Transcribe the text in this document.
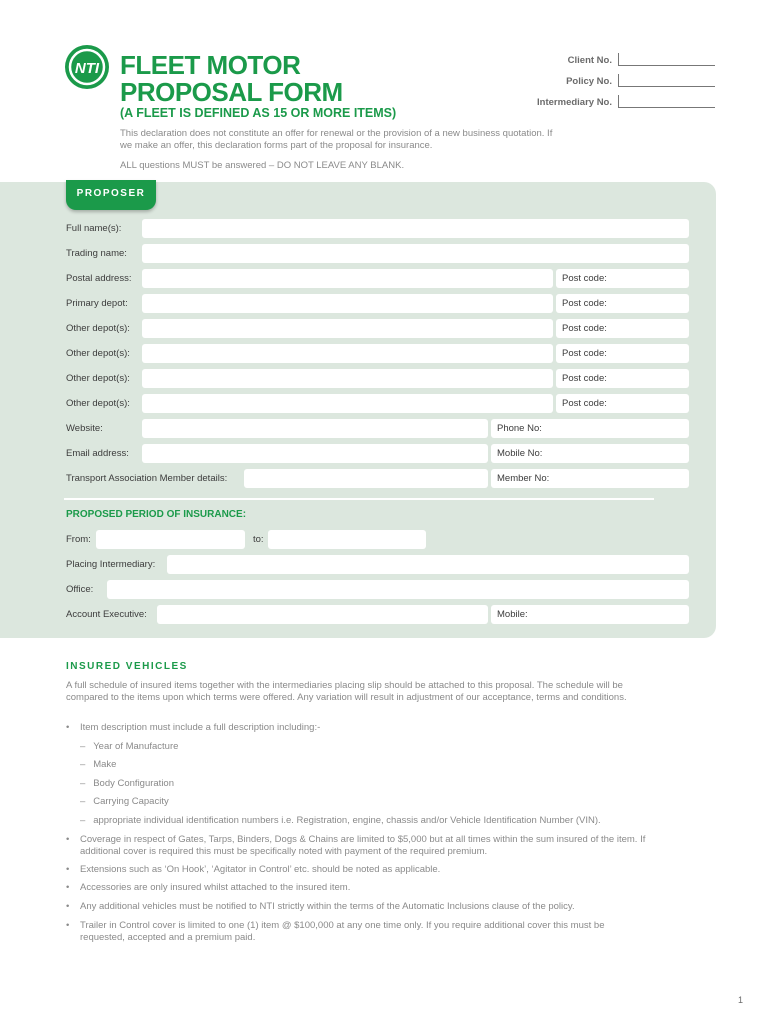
NTI FLEET MOTOR
PROPOSAL FORM
(A FLEET IS DEFINED AS 15 OR MORE ITEMS)
This declaration does not constitute an offer for renewal or the provision of a new business quotation. If we make an offer, this declaration forms part of the proposal for insurance.
ALL questions MUST be answered – DO NOT LEAVE ANY BLANK.
Client No.
Policy No.
Intermediary No.
PROPOSER
Full name(s):
Trading name:
Postal address:	Post code:
Primary depot:	Post code:
Other depot(s):	Post code:
Other depot(s):	Post code:
Other depot(s):	Post code:
Other depot(s):	Post code:
Website:	Phone No:
Email address:	Mobile No:
Transport Association Member details:	Member No:
PROPOSED PERIOD OF INSURANCE:
From:	to:
Placing Intermediary:
Office:
Account Executive:	Mobile:
INSURED VEHICLES
A full schedule of insured items together with the intermediaries placing slip should be attached to this proposal. The schedule will be compared to the items upon which terms were offered. Any variation will result in adjustment of our acceptance, terms and conditions.
• Item description must include a full description including:-
–   Year of Manufacture
–   Make
–   Body Configuration
–   Carrying Capacity
–   appropriate individual identification numbers i.e. Registration, engine, chassis and/or Vehicle Identification Number (VIN).
• Coverage in respect of Gates, Tarps, Binders, Dogs & Chains are limited to $5,000 but at all times within the sum insured of the item. If additional cover is required this must be specifically noted with payment of the required premium.
• Extensions such as ‘On Hook’, ‘Agitator in Control’ etc. should be noted as applicable.
• Accessories are only insured whilst attached to the insured item.
• Any additional vehicles must be notified to NTI strictly within the terms of the Automatic Inclusions clause of the policy.
• Trailer in Control cover is limited to one (1) item @ $100,000 at any one time only. If you require additional cover this must be requested, accepted and a premium paid.
1
